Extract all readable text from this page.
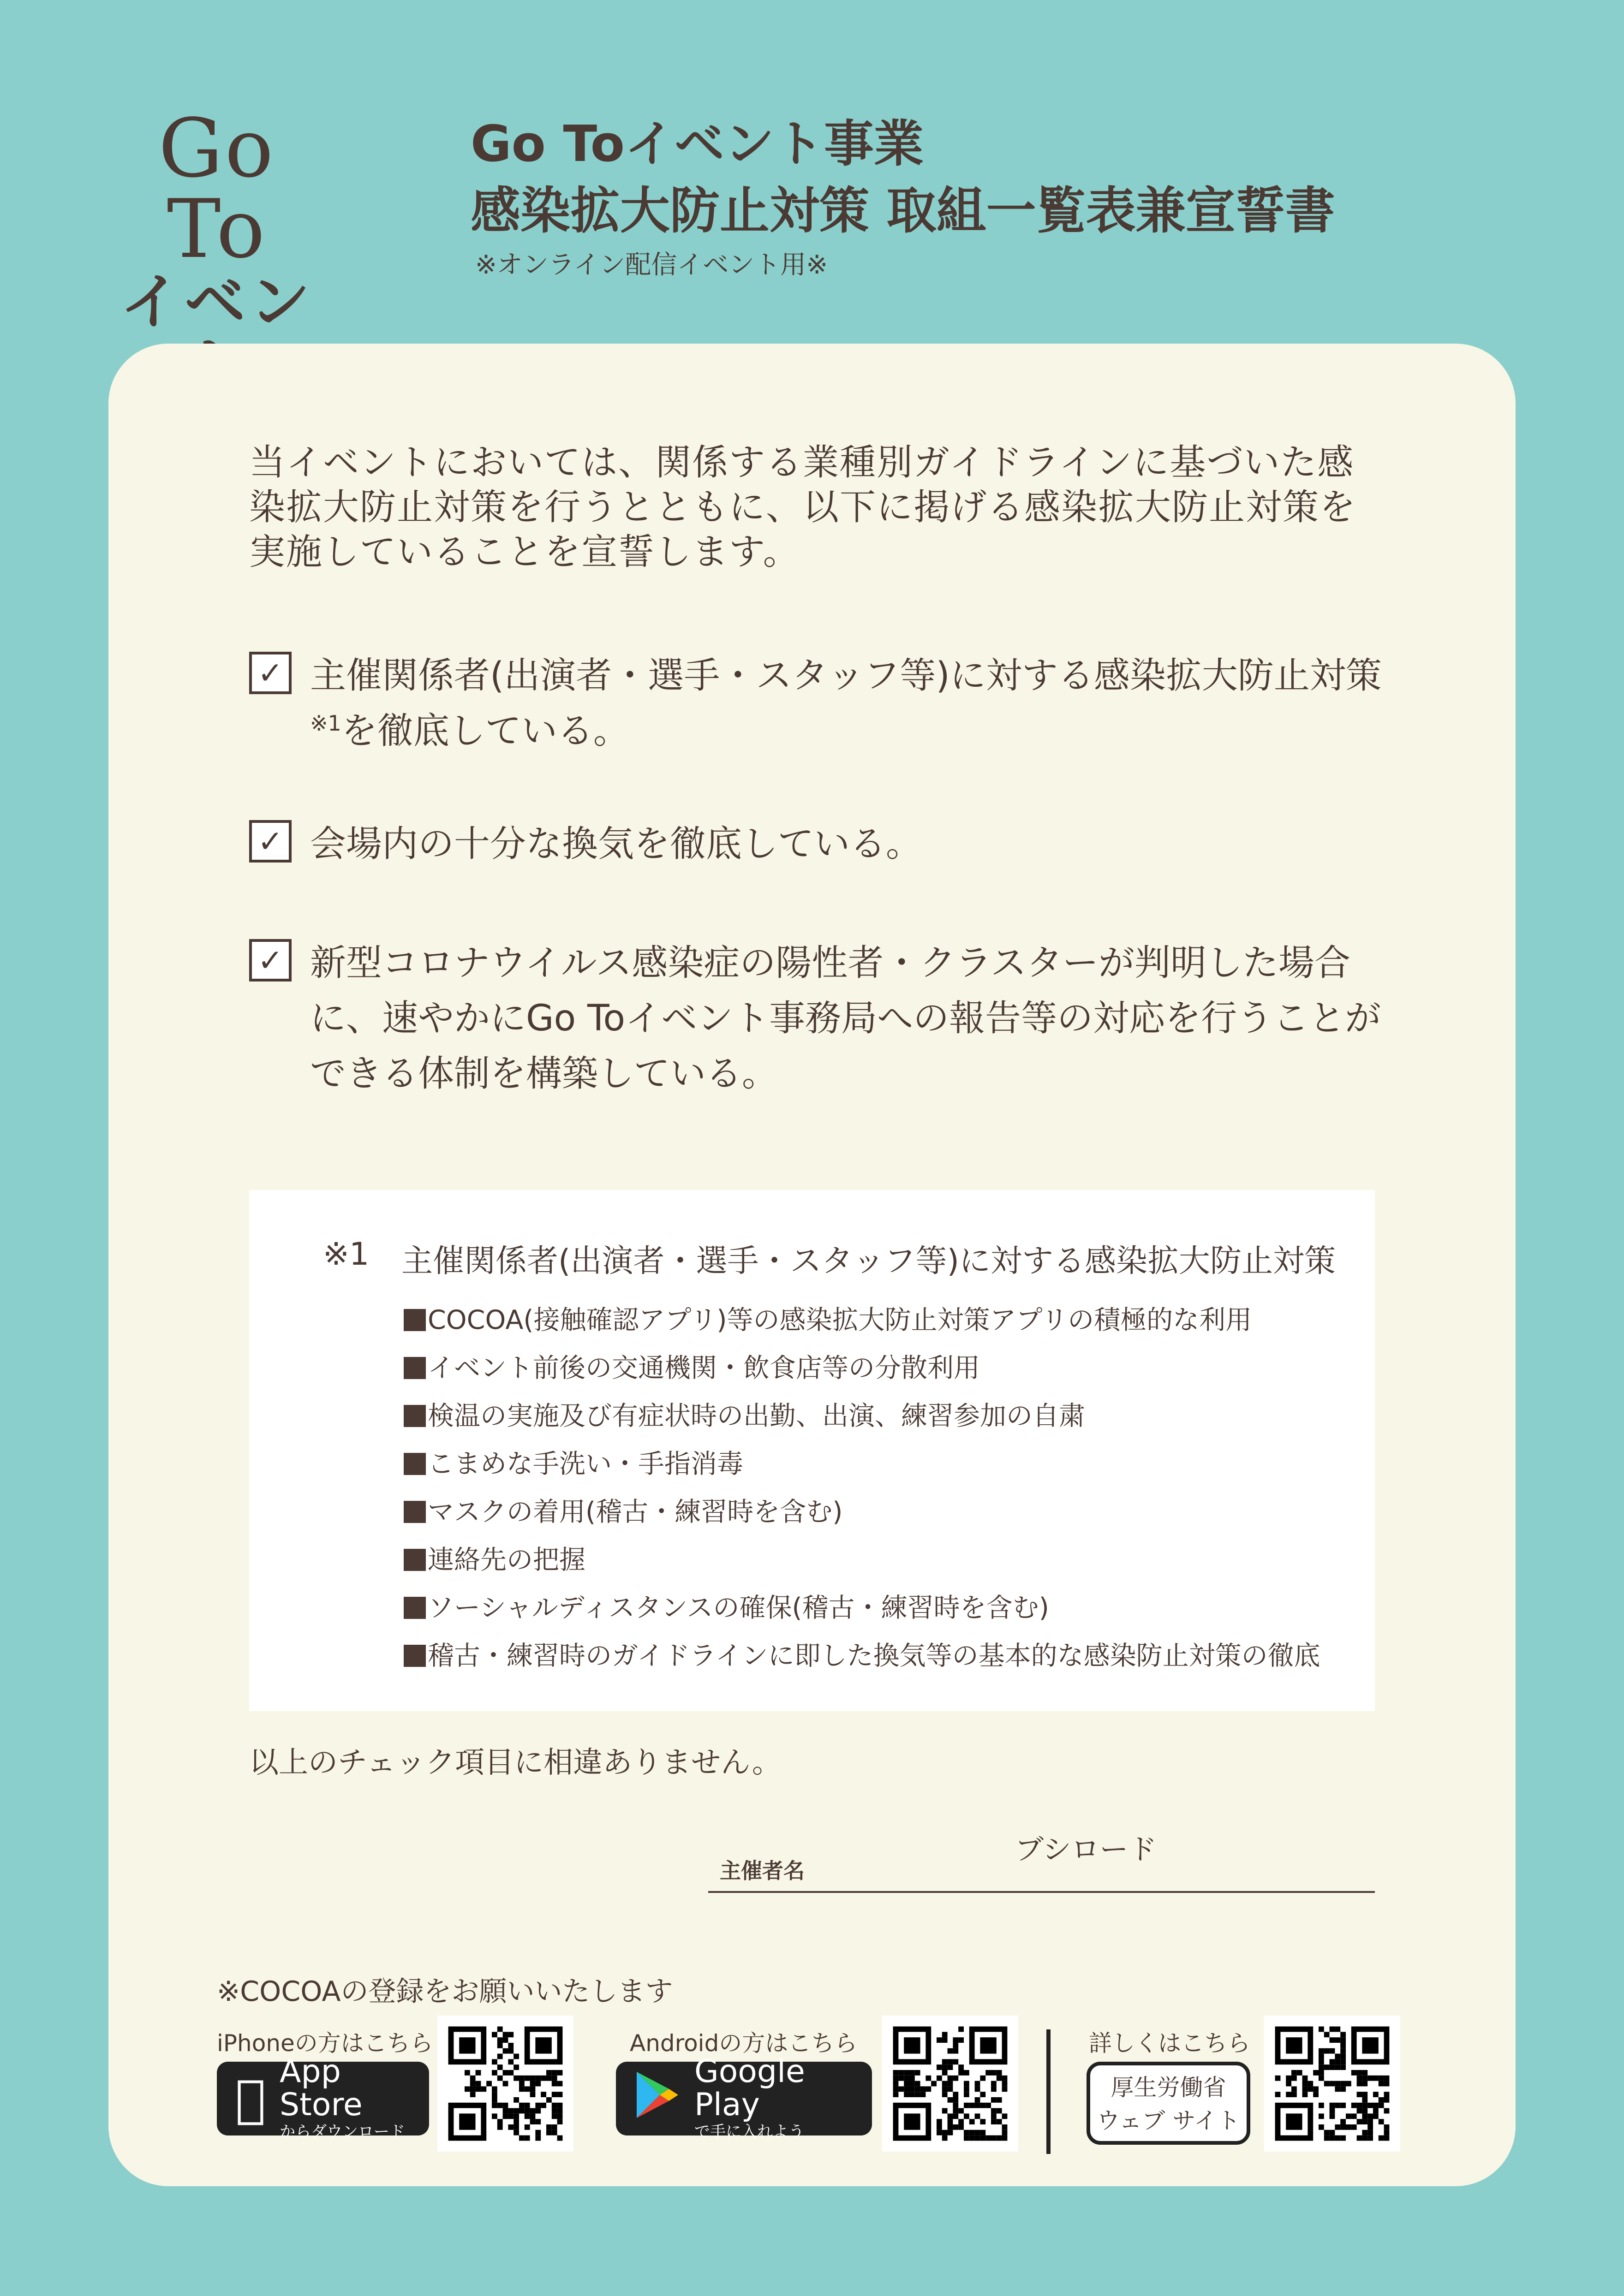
Go To
イベン
Go Toイベント事業
感染拡大防止対策 取組一覧表兼宣誓書
※オンライン配信イベント用※
当イベントにおいては、関係する業種別ガイドラインに基づいた感染拡大防止対策を行うとともに、以下に掲げる感染拡大防止対策を実施していることを宣誓します。
✓ 主催関係者(出演者・選手・スタッフ等)に対する感染拡大防止対策$^{※1}$を徹底している。
✓ 会場内の十分な換気を徹底している。
✓ 新型コロナウイルス感染症の陽性者・クラスターが判明した場合に、速やかにGo Toイベント事務局への報告等の対応を行うことができる体制を構築している。
※1	主催関係者(出演者・選手・スタッフ等)に対する感染拡大防止対策
COCOA(接触確認アプリ)等の感染拡大防止対策アプリの積極的な利用
イベント前後の交通機関・飲食店等の分散利用
検温の実施及び有症状時の出勤、出演、練習参加の自粛
こまめな手洗い・手指消毒
マスクの着用(稽古・練習時を含む)
連絡先の把握
ソーシャルディスタンスの確保(稽古・練習時を含む)
稽古・練習時のガイドラインに即した換気等の基本的な感染防止対策の徹底
以上のチェック項目に相違ありません。
主催者名
ブシロード
※COCOAの登録をお願いいたします
iPhoneの方はこちら
App Store
からダウンロード
Androidの方はこちら
Google Play
で手に入れよう
詳しくはこちら
厚生労働省
ウェブ サイト
